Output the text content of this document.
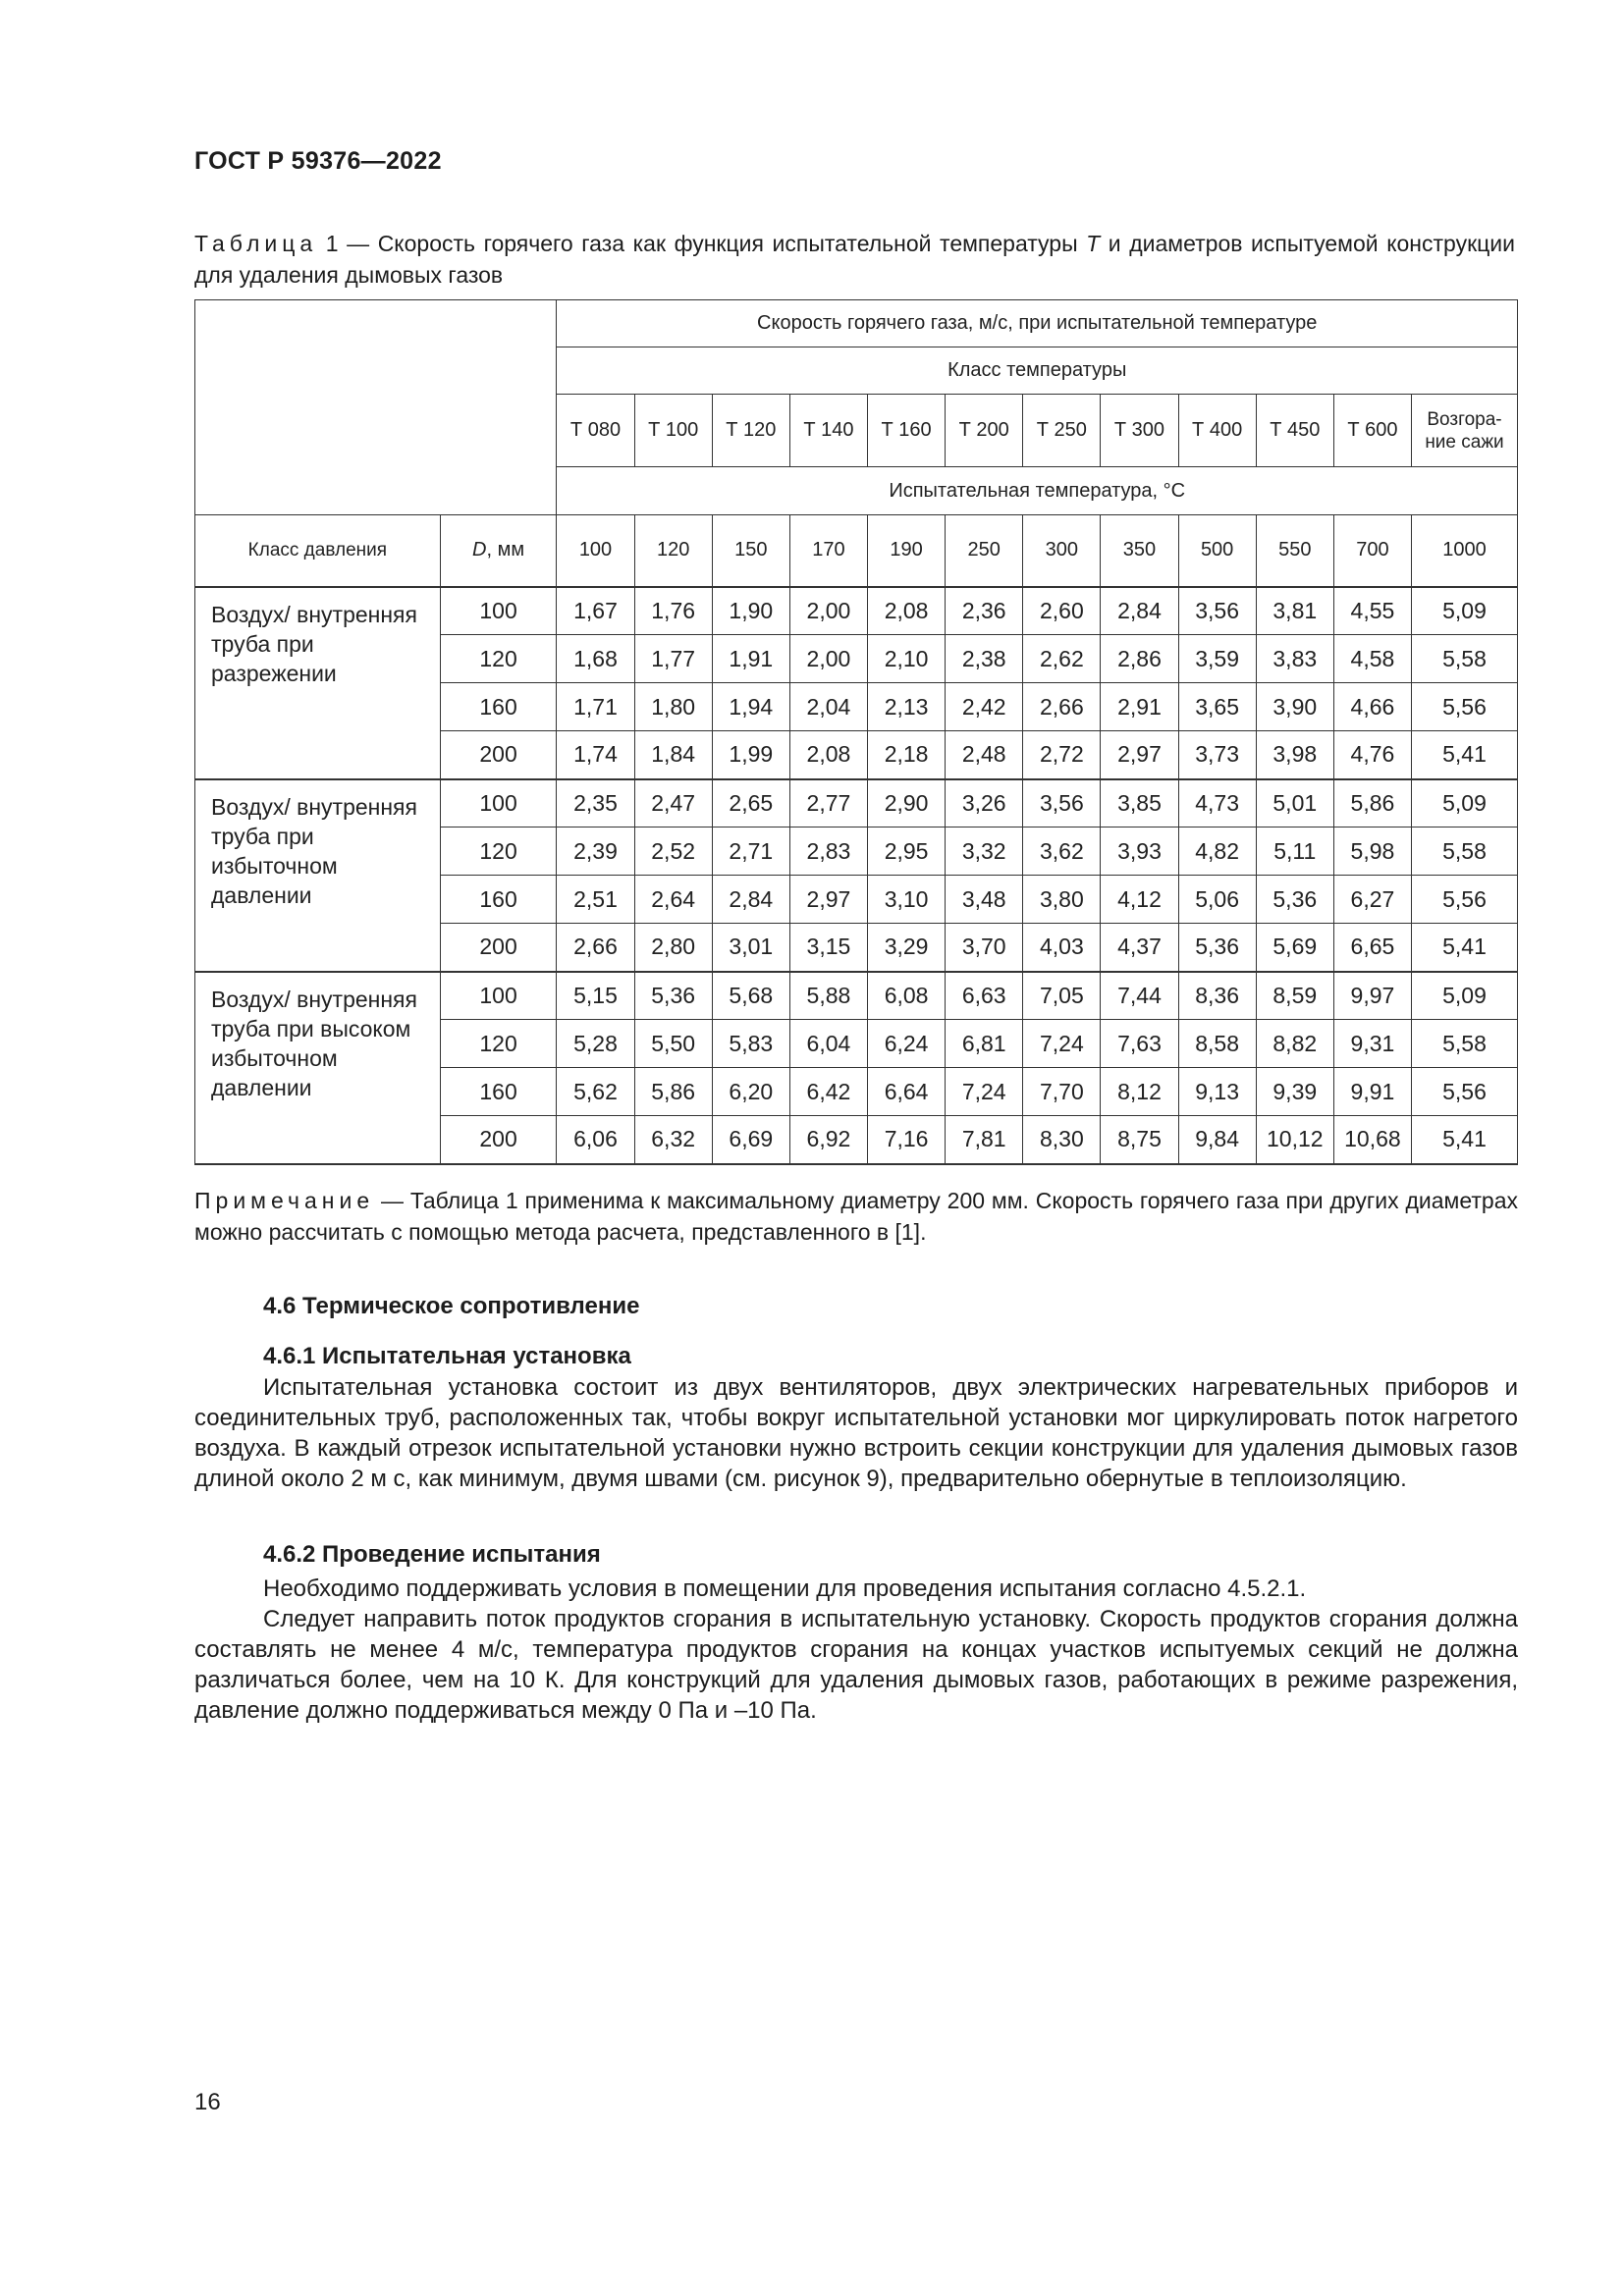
ГОСТ Р 59376—2022
Таблица 1 — Скорость горячего газа как функция испытательной температуры T и диаметров испытуемой конструкции для удаления дымовых газов
		Скорость горячего газа, м/с, при испытательной температуре											
		Класс температуры											
		Т 080	Т 100	Т 120	Т 140	Т 160	Т 200	Т 250	Т 300	Т 400	Т 450	Т 600	Возгора-ние сажи
		Испытательная температура, °С											
Класс давления	D, мм	100	120	150	170	190	250	300	350	500	550	700	1000
Воздух/ внутренняя труба при разрежении	100	1,67	1,76	1,90	2,00	2,08	2,36	2,60	2,84	3,56	3,81	4,55	5,09
	120	1,68	1,77	1,91	2,00	2,10	2,38	2,62	2,86	3,59	3,83	4,58	5,58
	160	1,71	1,80	1,94	2,04	2,13	2,42	2,66	2,91	3,65	3,90	4,66	5,56
	200	1,74	1,84	1,99	2,08	2,18	2,48	2,72	2,97	3,73	3,98	4,76	5,41
Воздух/ внутренняя труба при избыточном давлении	100	2,35	2,47	2,65	2,77	2,90	3,26	3,56	3,85	4,73	5,01	5,86	5,09
	120	2,39	2,52	2,71	2,83	2,95	3,32	3,62	3,93	4,82	5,11	5,98	5,58
	160	2,51	2,64	2,84	2,97	3,10	3,48	3,80	4,12	5,06	5,36	6,27	5,56
	200	2,66	2,80	3,01	3,15	3,29	3,70	4,03	4,37	5,36	5,69	6,65	5,41
Воздух/ внутренняя труба при высоком избыточном давлении	100	5,15	5,36	5,68	5,88	6,08	6,63	7,05	7,44	8,36	8,59	9,97	5,09
	120	5,28	5,50	5,83	6,04	6,24	6,81	7,24	7,63	8,58	8,82	9,31	5,58
	160	5,62	5,86	6,20	6,42	6,64	7,24	7,70	8,12	9,13	9,39	9,91	5,56
	200	6,06	6,32	6,69	6,92	7,16	7,81	8,30	8,75	9,84	10,12	10,68	5,41
Примечание — Таблица 1 применима к максимальному диаметру 200 мм. Скорость горячего газа при других диаметрах можно рассчитать с помощью метода расчета, представленного в [1].
4.6 Термическое сопротивление
4.6.1 Испытательная установка
Испытательная установка состоит из двух вентиляторов, двух электрических нагревательных приборов и соединительных труб, расположенных так, чтобы вокруг испытательной установки мог циркулировать поток нагретого воздуха. В каждый отрезок испытательной установки нужно встроить секции конструкции для удаления дымовых газов длиной около 2 м с, как минимум, двумя швами (см. рисунок 9), предварительно обернутые в теплоизоляцию.
4.6.2 Проведение испытания
Необходимо поддерживать условия в помещении для проведения испытания согласно 4.5.2.1.
Следует направить поток продуктов сгорания в испытательную установку. Скорость продуктов сгорания должна составлять не менее 4 м/с, температура продуктов сгорания на концах участков испытуемых секций не должна различаться более, чем на 10 К. Для конструкций для удаления дымовых газов, работающих в режиме разрежения, давление должно поддерживаться между 0 Па и –10 Па.
16
